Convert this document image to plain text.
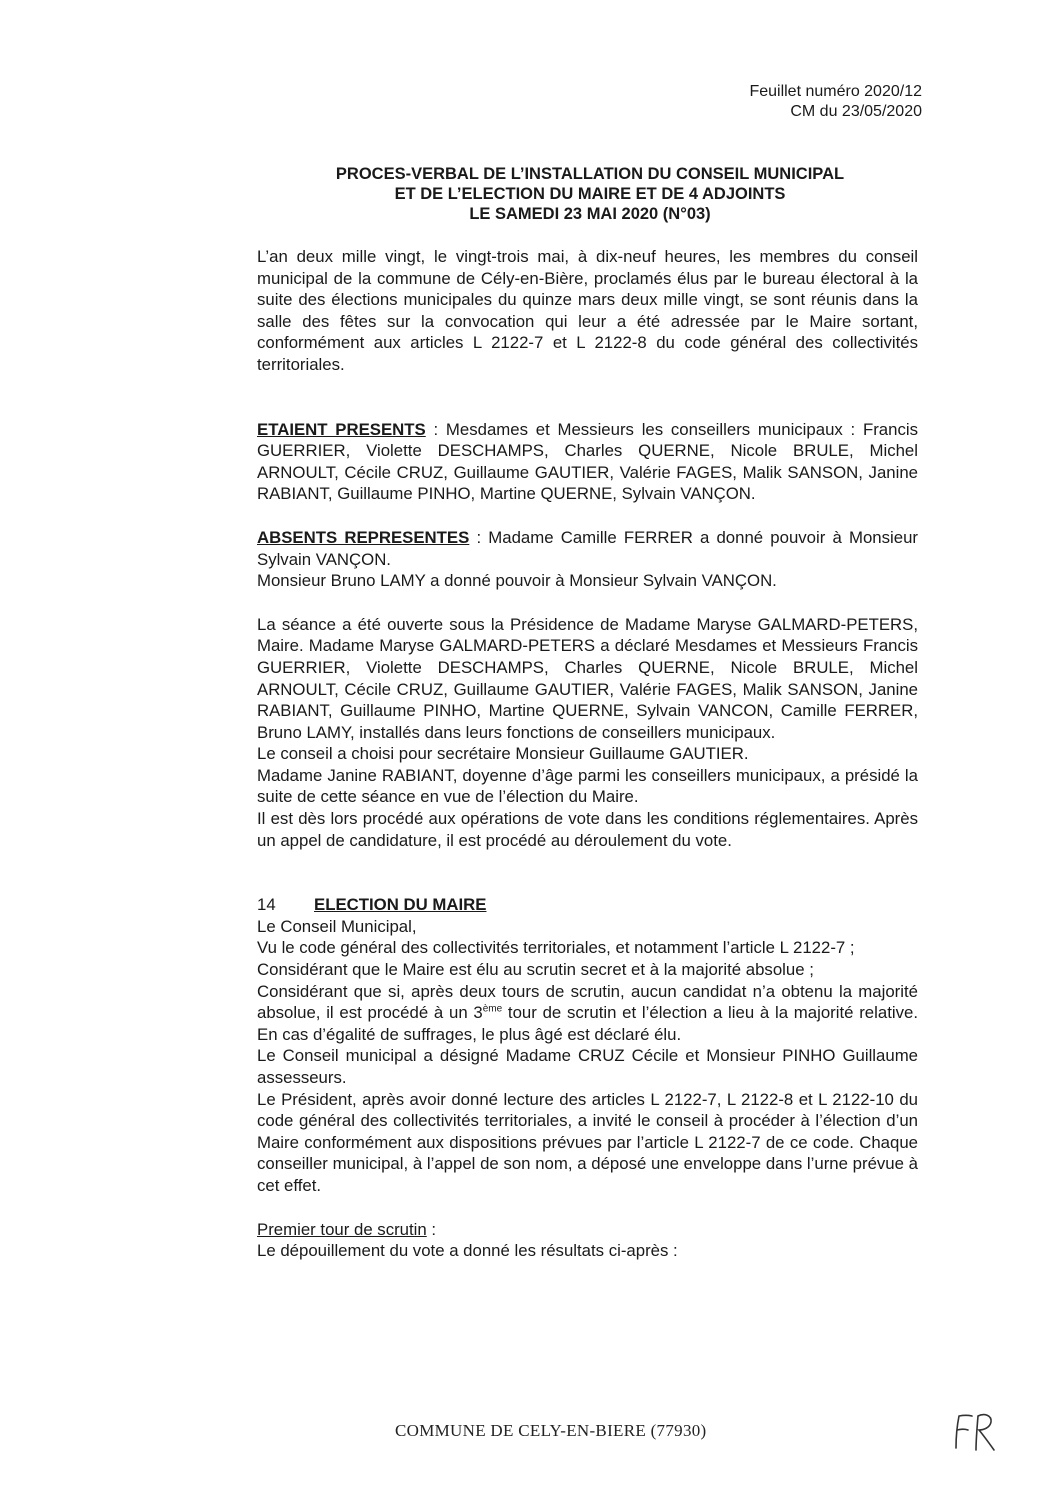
Feuillet numéro 2020/12
CM du 23/05/2020
PROCES-VERBAL DE L’INSTALLATION DU CONSEIL MUNICIPAL
ET DE L’ELECTION DU MAIRE ET DE 4 ADJOINTS
LE SAMEDI 23 MAI 2020 (N°03)

L’an deux mille vingt, le vingt-trois mai, à dix-neuf heures, les membres du conseil municipal de la commune de Cély-en-Bière, proclamés élus par le bureau électoral à la suite des élections municipales du quinze mars deux mille vingt, se sont réunis dans la salle des fêtes sur la convocation qui leur a été adressée par le Maire sortant, conformément aux articles L 2122-7 et L 2122-8 du code général des collectivités territoriales.

ETAIENT PRESENTS : Mesdames et Messieurs les conseillers municipaux : Francis GUERRIER, Violette DESCHAMPS, Charles QUERNE, Nicole BRULE, Michel ARNOULT, Cécile CRUZ, Guillaume GAUTIER, Valérie FAGES, Malik SANSON, Janine RABIANT, Guillaume PINHO, Martine QUERNE, Sylvain VANÇON.

ABSENTS REPRESENTES : Madame Camille FERRER a donné pouvoir à Monsieur Sylvain VANÇON.

Monsieur Bruno LAMY a donné pouvoir à Monsieur Sylvain VANÇON.

La séance a été ouverte sous la Présidence de Madame Maryse GALMARD-PETERS, Maire. Madame Maryse GALMARD-PETERS a déclaré Mesdames et Messieurs Francis GUERRIER, Violette DESCHAMPS, Charles QUERNE, Nicole BRULE, Michel ARNOULT, Cécile CRUZ, Guillaume GAUTIER, Valérie FAGES, Malik SANSON, Janine RABIANT, Guillaume PINHO, Martine QUERNE, Sylvain VANCON, Camille FERRER, Bruno LAMY, installés dans leurs fonctions de conseillers municipaux.

Le conseil a choisi pour secrétaire Monsieur Guillaume GAUTIER.

Madame Janine RABIANT, doyenne d’âge parmi les conseillers municipaux, a présidé la suite de cette séance en vue de l’élection du Maire.

Il est dès lors procédé aux opérations de vote dans les conditions réglementaires. Après un appel de candidature, il est procédé au déroulement du vote.

14	ELECTION DU MAIRE

Le Conseil Municipal,

Vu le code général des collectivités territoriales, et notamment l’article L 2122-7 ;

Considérant que le Maire est élu au scrutin secret et à la majorité absolue ;

Considérant que si, après deux tours de scrutin, aucun candidat n’a obtenu la majorité absolue, il est procédé à un 3ème tour de scrutin et l’élection a lieu à la majorité relative. En cas d’égalité de suffrages, le plus âgé est déclaré élu.

Le Conseil municipal a désigné Madame CRUZ Cécile et Monsieur PINHO Guillaume assesseurs.

Le Président, après avoir donné lecture des articles L 2122-7, L 2122-8 et L 2122-10 du code général des collectivités territoriales, a invité le conseil à procéder à l’élection d’un Maire conformément aux dispositions prévues par l’article L 2122-7 de ce code. Chaque conseiller municipal, à l’appel de son nom, a déposé une enveloppe dans l’urne prévue à cet effet.

Premier tour de scrutin :

Le dépouillement du vote a donné les résultats ci-après :

COMMUNE DE CELY-EN-BIERE (77930)
